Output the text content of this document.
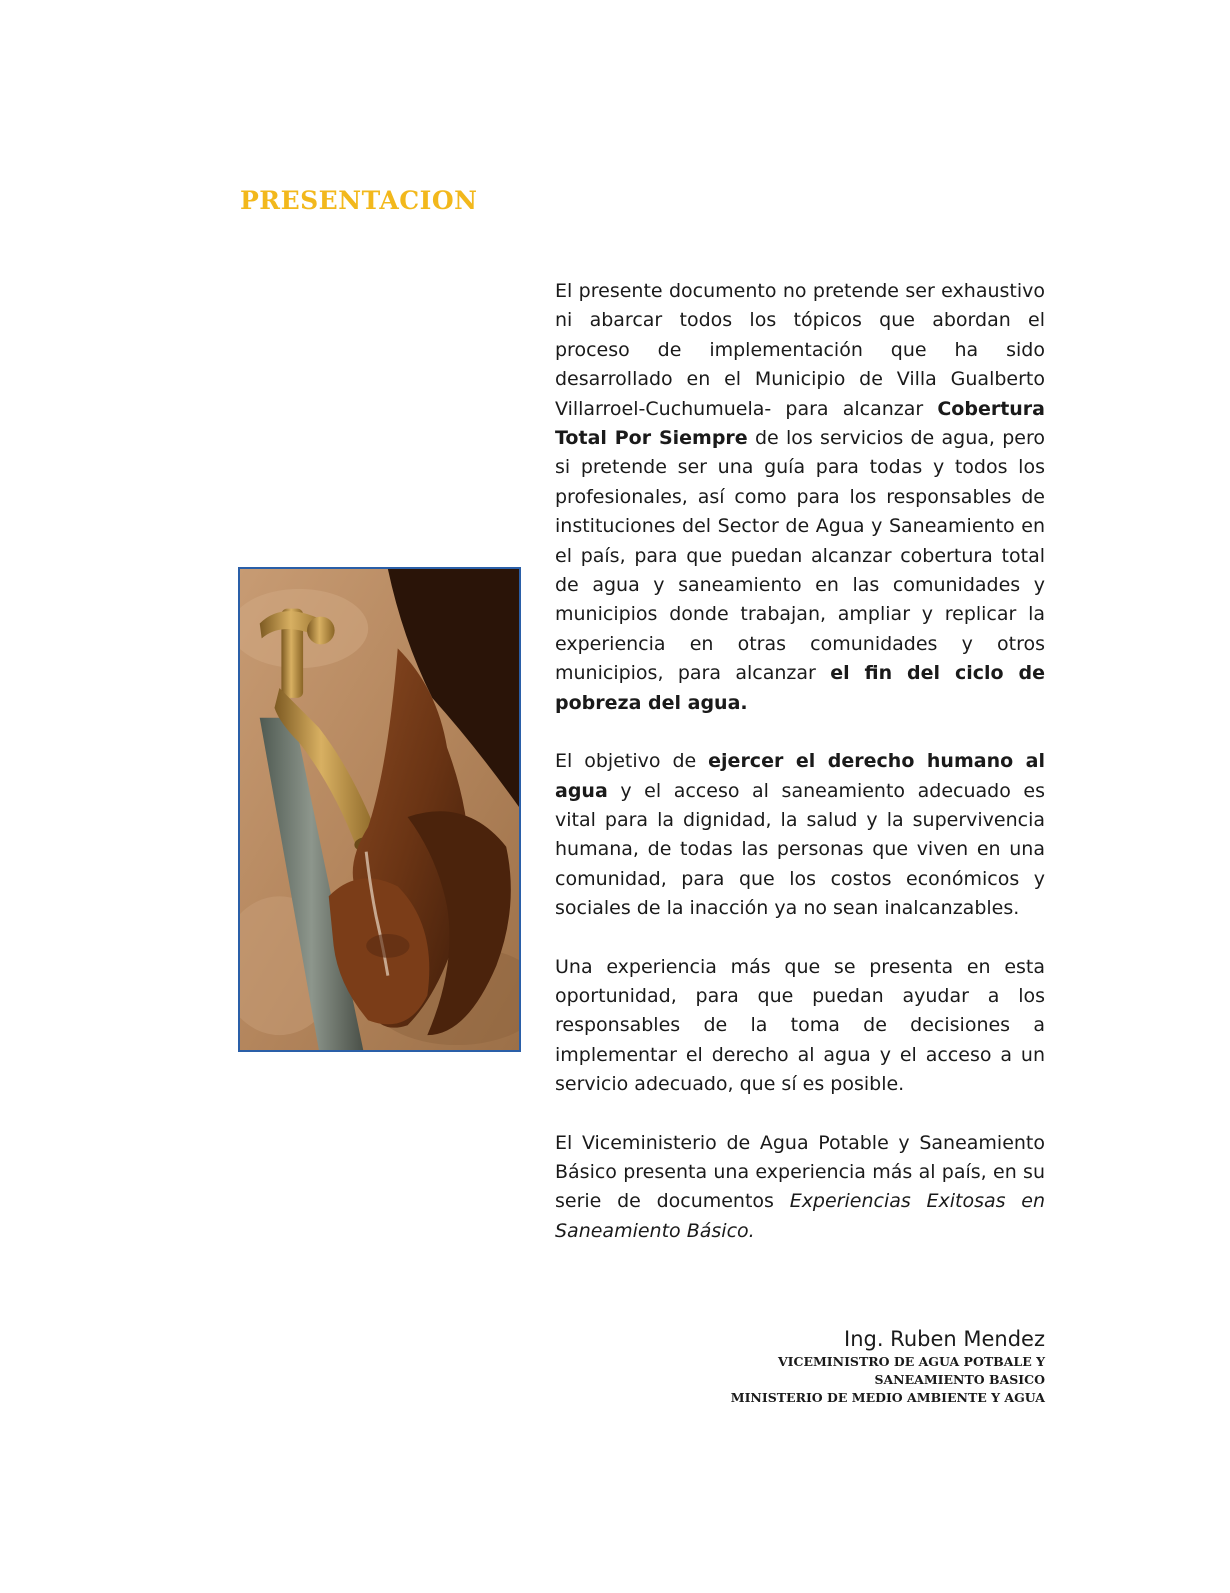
PRESENTACION

El presente documento no pretende ser exhaustivo ni abarcar todos los tópicos que abordan el proceso de implementación que ha sido desarrollado en el Municipio de Villa Gualberto Villarroel-Cuchumuela- para alcanzar Cobertura Total Por Siempre de los servicios de agua, pero si pretende ser una guía para todas y todos los profesionales, así como para los responsables de instituciones del Sector de Agua y Saneamiento en el país, para que puedan alcanzar cobertura total de agua y saneamiento en las comunidades y municipios donde trabajan, ampliar y replicar la experiencia en otras comunidades y otros municipios, para alcanzar el fin del ciclo de pobreza del agua.

El objetivo de ejercer el derecho humano al agua y el acceso al saneamiento adecuado es vital para la dignidad, la salud y la supervivencia humana, de todas las personas que viven en una comunidad, para que los costos económicos y sociales de la inacción ya no sean inalcanzables.

Una experiencia más que se presenta en esta oportunidad, para que puedan ayudar a los responsables de la toma de decisiones a implementar el derecho al agua y el acceso a un servicio adecuado, que sí es posible.

El Viceministerio de Agua Potable y Saneamiento Básico presenta una experiencia más al país, en su serie de documentos Experiencias Exitosas en Saneamiento Básico.

Ing. Ruben Mendez
VICEMINISTRO DE AGUA POTBALE Y
SANEAMIENTO BASICO
MINISTERIO DE MEDIO AMBIENTE Y AGUA
